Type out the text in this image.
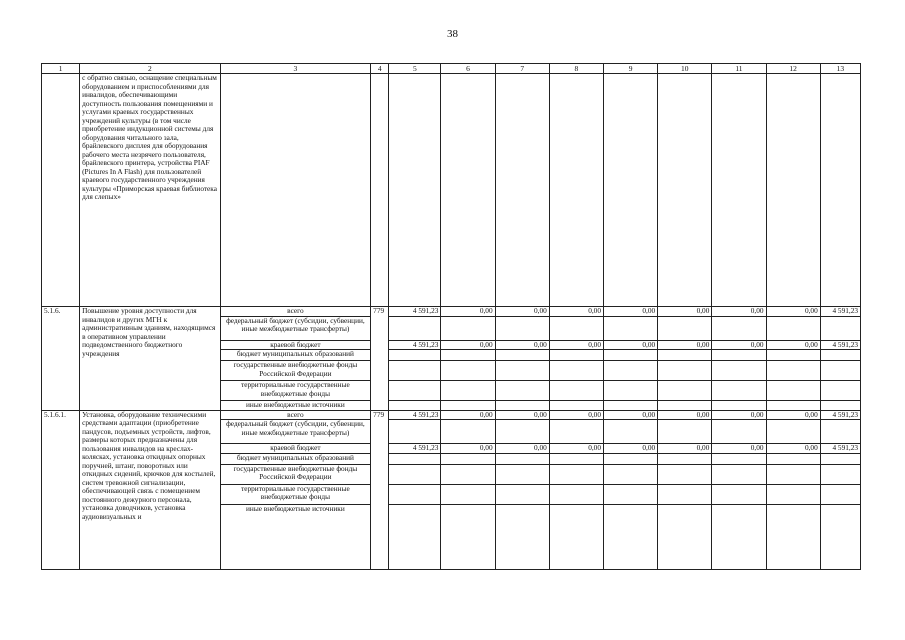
38
1	2	3	4	5	6	7	8	9	10	11	12	13
	с обратно связью, оснащение специальным оборудованием и приспособлениями для инвалидов, обеспечивающими доступность пользования помещениями и услугами краевых государственных учреждений культуры (в том числе приобретение индукционной системы для оборудования читального зала, брайлевского дисплея для оборудования рабочего места незрячего пользователя, брайлевского принтера, устройства PIAF (Pictures In A Flash) для пользователей краевого государственного учреждения культуры «Приморская краевая библиотека для слепых»											
5.1.6.	Повышение уровня доступности для инвалидов и других МГН к административным зданиям, находящимся в оперативном управлении подведомственного бюджетного учреждения	всего	779	4 591,23	0,00	0,00	0,00	0,00	0,00	0,00	0,00	4 591,23
		федеральный бюджет (субсидии, субвенции, иные межбюджетные трансферты)										
		краевой бюджет		4 591,23	0,00	0,00	0,00	0,00	0,00	0,00	0,00	4 591,23
		бюджет муниципальных образований										
		государственные внебюджетные фонды Российской Федерации										
		территориальные государственные внебюджетные фонды										
		иные внебюджетные источники										
5.1.6.1.	Установка, оборудование техническими средствами адаптации (приобретение пандусов, подъемных устройств, лифтов, размеры которых предназначены для пользования инвалидов на креслах-колясках, установка откидных опорных поручней, штанг, поворотных или откидных сидений, крючков для костылей, систем тревожной сигнализации, обеспечивающей связь с помещением постоянного дежурного персонала, установка доводчиков, установка аудиовизуальных и	всего	779	4 591,23	0,00	0,00	0,00	0,00	0,00	0,00	0,00	4 591,23
		федеральный бюджет (субсидии, субвенции, иные межбюджетные трансферты)										
		краевой бюджет		4 591,23	0,00	0,00	0,00	0,00	0,00	0,00	0,00	4 591,23
		бюджет муниципальных образований										
		государственные внебюджетные фонды Российской Федерации										
		территориальные государственные внебюджетные фонды										
		иные внебюджетные источники										
